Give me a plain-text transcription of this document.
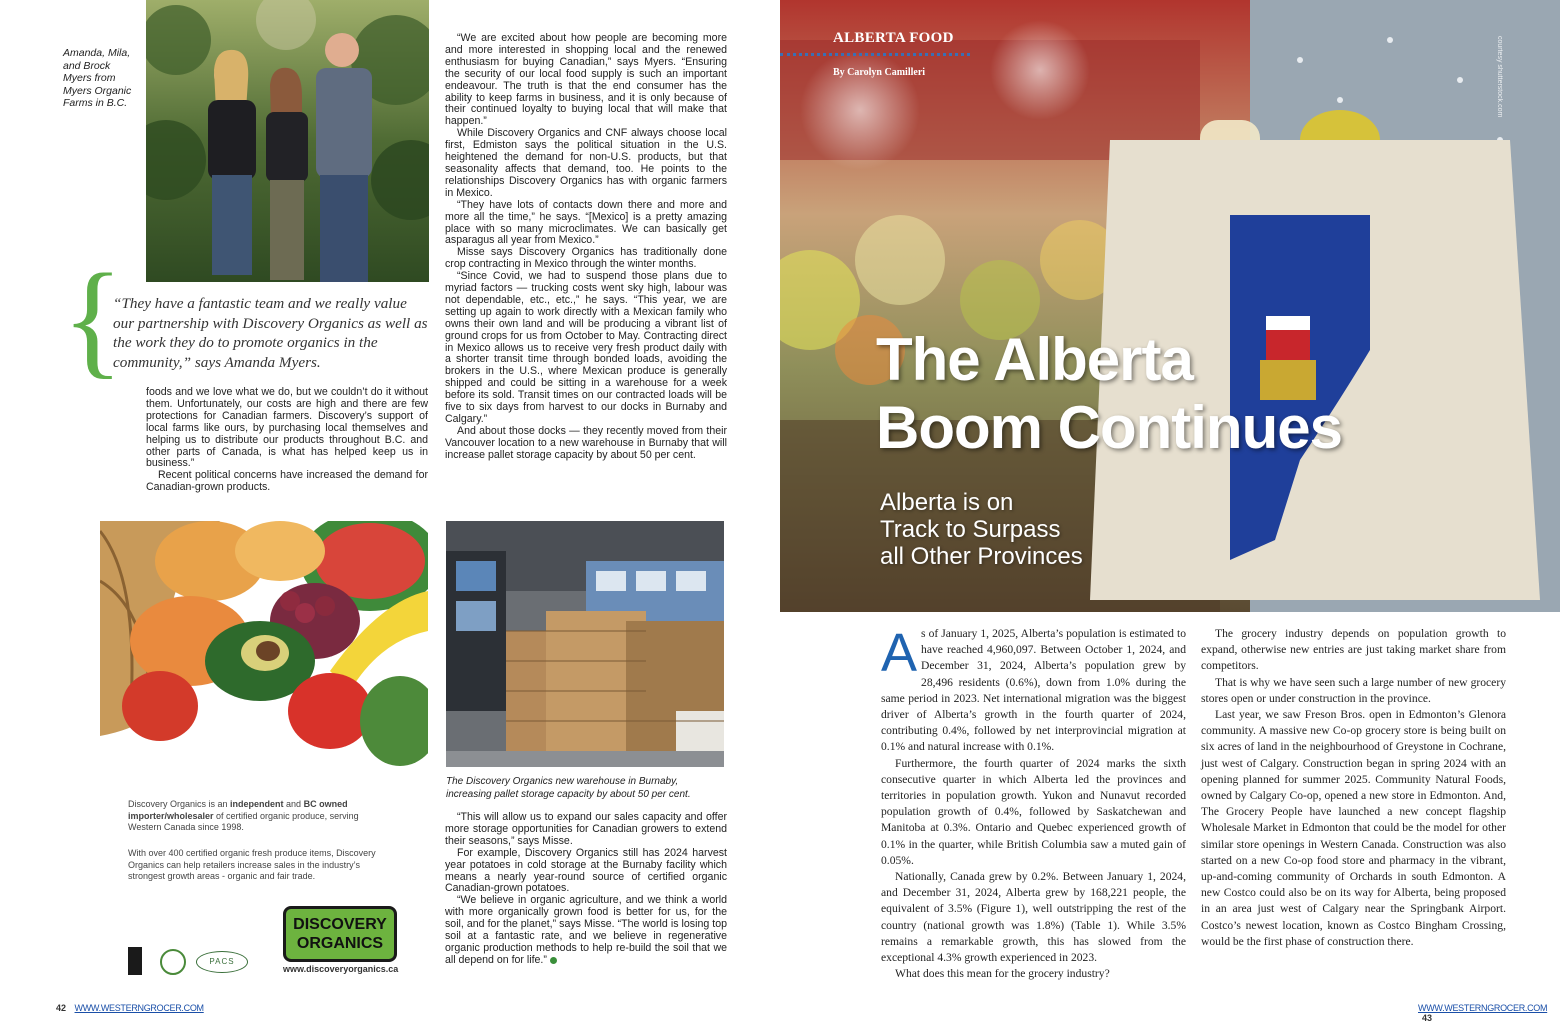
Amanda, Mila, and Brock Myers from Myers Organic Farms in B.C.
{
“They have a fantastic team and we really value our partnership with Discovery Organics as well as the work they do to promote organics in the community,” says Amanda Myers.

foods and we love what we do, but we couldn’t do it without them. Unfortunately, our costs are high and there are few protections for Canadian farmers. Discovery’s support of local farms like ours, by purchasing local themselves and helping us to distribute our products throughout B.C. and other parts of Canada, is what has helped keep us in business.”

Recent political concerns have increased the demand for Canadian-grown products.

“We are excited about how people are becoming more and more interested in shopping local and the renewed enthusiasm for buying Canadian,” says Myers. “Ensuring the security of our local food supply is such an important endeavour. The truth is that the end consumer has the ability to keep farms in business, and it is only because of their continued loyalty to buying local that will make that happen.”

While Discovery Organics and CNF always choose local first, Edmiston says the political situation in the U.S. heightened the demand for non-U.S. products, but that seasonality affects that demand, too. He points to the relationships Discovery Organics has with organic farmers in Mexico.

“They have lots of contacts down there and more and more all the time,” he says. “[Mexico] is a pretty amazing place with so many microclimates. We can basically get asparagus all year from Mexico.”

Misse says Discovery Organics has traditionally done crop contracting in Mexico through the winter months.

“Since Covid, we had to suspend those plans due to myriad factors — trucking costs went sky high, labour was not dependable, etc., etc.,” he says. “This year, we are setting up again to work directly with a Mexican family who owns their own land and will be producing a vibrant list of ground crops for us from October to May. Contracting direct in Mexico allows us to receive very fresh product daily with a shorter transit time through bonded loads, avoiding the brokers in the U.S., where Mexican produce is generally shipped and could be sitting in a warehouse for a week before its sold. Transit times on our contracted loads will be five to six days from harvest to our docks in Burnaby and Calgary.”

And about those docks — they recently moved from their Vancouver location to a new warehouse in Burnaby that will increase pallet storage capacity by about 50 per cent.

Discovery Organics is an independent and BC owned importer/wholesaler of certified organic produce, serving Western Canada since 1998.
With over 400 certified organic fresh produce items, Discovery Organics can help retailers increase sales in the industry’s strongest growth areas - organic and fair trade.
DISCOVERY
ORGANICS
www.discoveryorganics.ca
PACS
The Discovery Organics new warehouse in Burnaby, increasing pallet storage capacity by about 50 per cent.

“This will allow us to expand our sales capacity and offer more storage opportunities for Canadian growers to extend their seasons,” says Misse.

For example, Discovery Organics still has 2024 harvest year potatoes in cold storage at the Burnaby facility which means a nearly year-round source of certified organic Canadian-grown potatoes.

“We believe in organic agriculture, and we think a world with more organically grown food is better for us, for the soil, and for the planet,” says Misse. “The world is losing top soil at a fantastic rate, and we believe in regenerative organic production methods to help re-build the soil that we all depend on for life.”

42 WWW.WESTERNGROCER.COM
courtesy shutterstock.com
ALBERTA FOOD
By Carolyn Camilleri
The Alberta
Boom Continues
Alberta is on
Track to Surpass
all Other Provinces

As of January 1, 2025, Alberta’s population is estimated to have reached 4,960,097. Between October 1, 2024, and December 31, 2024, Alberta’s population grew by 28,496 residents (0.6%), down from 1.0% during the same period in 2023. Net international migration was the biggest driver of Alberta’s growth in the fourth quarter of 2024, contributing 0.4%, followed by net interprovincial migration at 0.1% and natural increase with 0.1%.

Furthermore, the fourth quarter of 2024 marks the sixth consecutive quarter in which Alberta led the provinces and territories in population growth. Yukon and Nunavut recorded population growth of 0.4%, followed by Saskatchewan and Manitoba at 0.3%. Ontario and Quebec experienced growth of 0.1% in the quarter, while British Columbia saw a muted gain of 0.05%.

Nationally, Canada grew by 0.2%. Between January 1, 2024, and December 31, 2024, Alberta grew by 168,221 people, the equivalent of 3.5% (Figure 1), well outstripping the rest of the country (national growth was 1.8%) (Table 1). While 3.5% remains a remarkable growth, this has slowed from the exceptional 4.3% growth experienced in 2023.

What does this mean for the grocery industry?

The grocery industry depends on population growth to expand, otherwise new entries are just taking market share from competitors.

That is why we have seen such a large number of new grocery stores open or under construction in the province.

Last year, we saw Freson Bros. open in Edmonton’s Glenora community. A massive new Co-op grocery store is being built on six acres of land in the neighbourhood of Greystone in Cochrane, just west of Calgary. Construction began in spring 2024 with an opening planned for summer 2025. Community Natural Foods, owned by Calgary Co-op, opened a new store in Edmonton. And, The Grocery People have launched a new concept flagship Wholesale Market in Edmonton that could be the model for other similar store openings in Western Canada. Construction was also started on a new Co-op food store and pharmacy in the vibrant, up-and-coming community of Orchards in south Edmonton. A new Costco could also be on its way for Alberta, being proposed in an area just west of Calgary near the Springbank Airport. Costco’s newest location, known as Costco Bingham Crossing, would be the first phase of construction there.

WWW.WESTERNGROCER.COM 43
